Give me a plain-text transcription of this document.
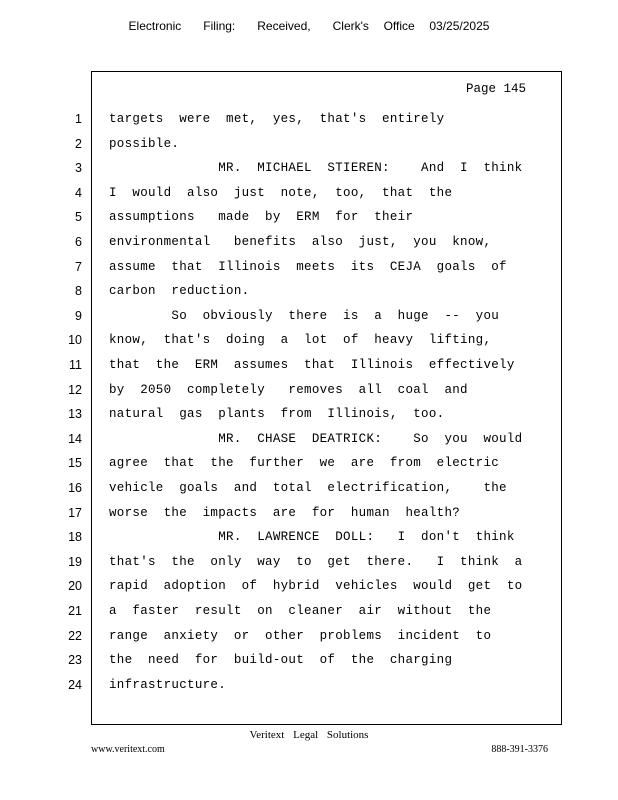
Electronic   Filing:   Received,   Clerk's  Office  03/25/2025
Page 145
1 targets  were  met,  yes,  that's  entirely
2 possible.
3 MR.  MICHAEL  STIEREN:    And  I  think
4 I  would  also  just  note,  too,  that  the
5 assumptions   made  by  ERM  for  their
6 environmental   benefits  also  just,  you  know,
7 assume  that  Illinois  meets  its  CEJA  goals  of
8 carbon  reduction.
9 So  obviously  there  is  a  huge  --  you
10 know,  that's  doing  a  lot  of  heavy  lifting,
11 that  the  ERM  assumes  that  Illinois  effectively
12 by  2050  completely   removes  all  coal  and
13 natural  gas  plants  from  Illinois,  too.
14 MR.  CHASE  DEATRICK:    So  you  would
15 agree  that  the  further  we  are  from  electric
16 vehicle  goals  and  total  electrification,    the
17 worse  the  impacts  are  for  human  health?
18 MR.  LAWRENCE  DOLL:   I  don't  think
19 that's  the  only  way  to  get  there.   I  think  a
20 rapid  adoption  of  hybrid  vehicles  would  get  to
21 a  faster  result  on  cleaner  air  without  the
22 range  anxiety  or  other  problems  incident  to
23 the  need  for  build-out  of  the  charging
24 infrastructure.
Veritext Legal Solutions
www.veritext.com	888-391-3376
